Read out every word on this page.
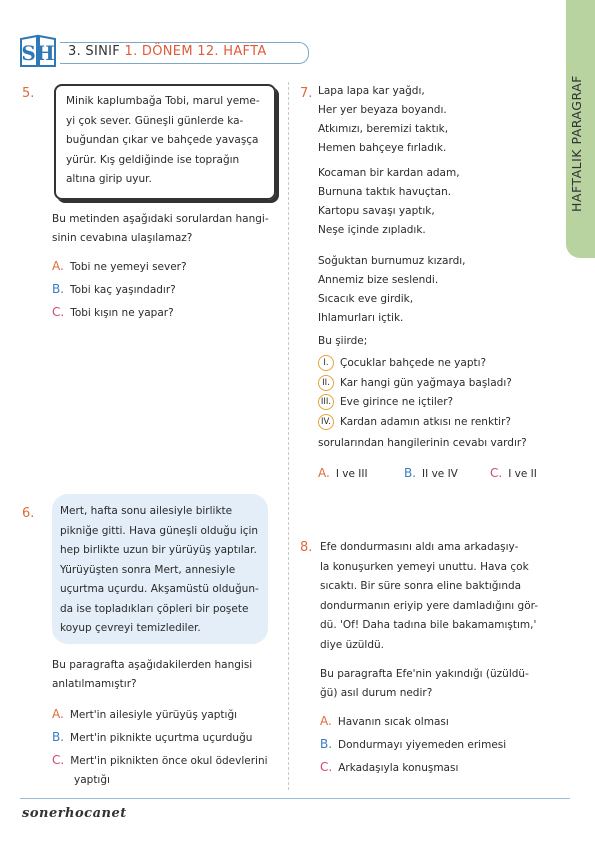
SH 3. SINIF 1. DÖNEM 12. HAFTA
HAFTALIK PARAGRAF
5.	Minik kaplumbağa Tobi, marul yeme-
yi çok sever. Güneşli günlerde ka-
buğundan çıkar ve bahçede yavaşça
yürür. Kış geldiğinde ise toprağın
altına girip uyur.
Bu metinden aşağıdaki sorulardan hangi-
sinin cevabına ulaşılamaz?
A. Tobi ne yemeyi sever?
B. Tobi kaç yaşındadır?
C. Tobi kışın ne yapar?
6. Mert, hafta sonu ailesiyle birlikte
pikniğe gitti. Hava güneşli olduğu için
hep birlikte uzun bir yürüyüş yaptılar.
Yürüyüşten sonra Mert, annesiyle
uçurtma uçurdu. Akşamüstü olduğun-
da ise topladıkları çöpleri bir poşete
koyup çevreyi temizlediler.
Bu paragrafta aşağıdakilerden hangisi
anlatılmamıştır?
A. Mert'in ailesiyle yürüyüş yaptığı
B. Mert'in piknikte uçurtma uçurduğu
C. Mert'in piknikten önce okul ödevlerini
yaptığı
7. Lapa lapa kar yağdı,
Her yer beyaza boyandı.
Atkımızı, beremizi taktık,
Hemen bahçeye fırladık.
Kocaman bir kardan adam,
Burnuna taktık havuçtan.
Kartopu savaşı yaptık,
Neşe içinde zıpladık.
Soğuktan burnumuz kızardı,
Annemiz bize seslendi.
Sıcacık eve girdik,
Ihlamurları içtik.
Bu şiirde;
I. Çocuklar bahçede ne yaptı?
II. Kar hangi gün yağmaya başladı?
III. Eve girince ne içtiler?
IV. Kardan adamın atkısı ne renktir?
sorularından hangilerinin cevabı vardır?
A. I ve III	B. II ve IV	C. I ve II
8. Efe dondurmasını aldı ama arkadaşıy-
la konuşurken yemeyi unuttu. Hava çok
sıcaktı. Bir süre sonra eline baktığında
dondurmanın eriyip yere damladığını gör-
dü. 'Of! Daha tadına bile bakamamıştım,'
diye üzüldü.
Bu paragrafta Efe'nin yakındığı (üzüldü-
ğü) asıl durum nedir?
A. Havanın sıcak olması
B. Dondurmayı yiyemeden erimesi
C. Arkadaşıyla konuşması
sonerhocanet
